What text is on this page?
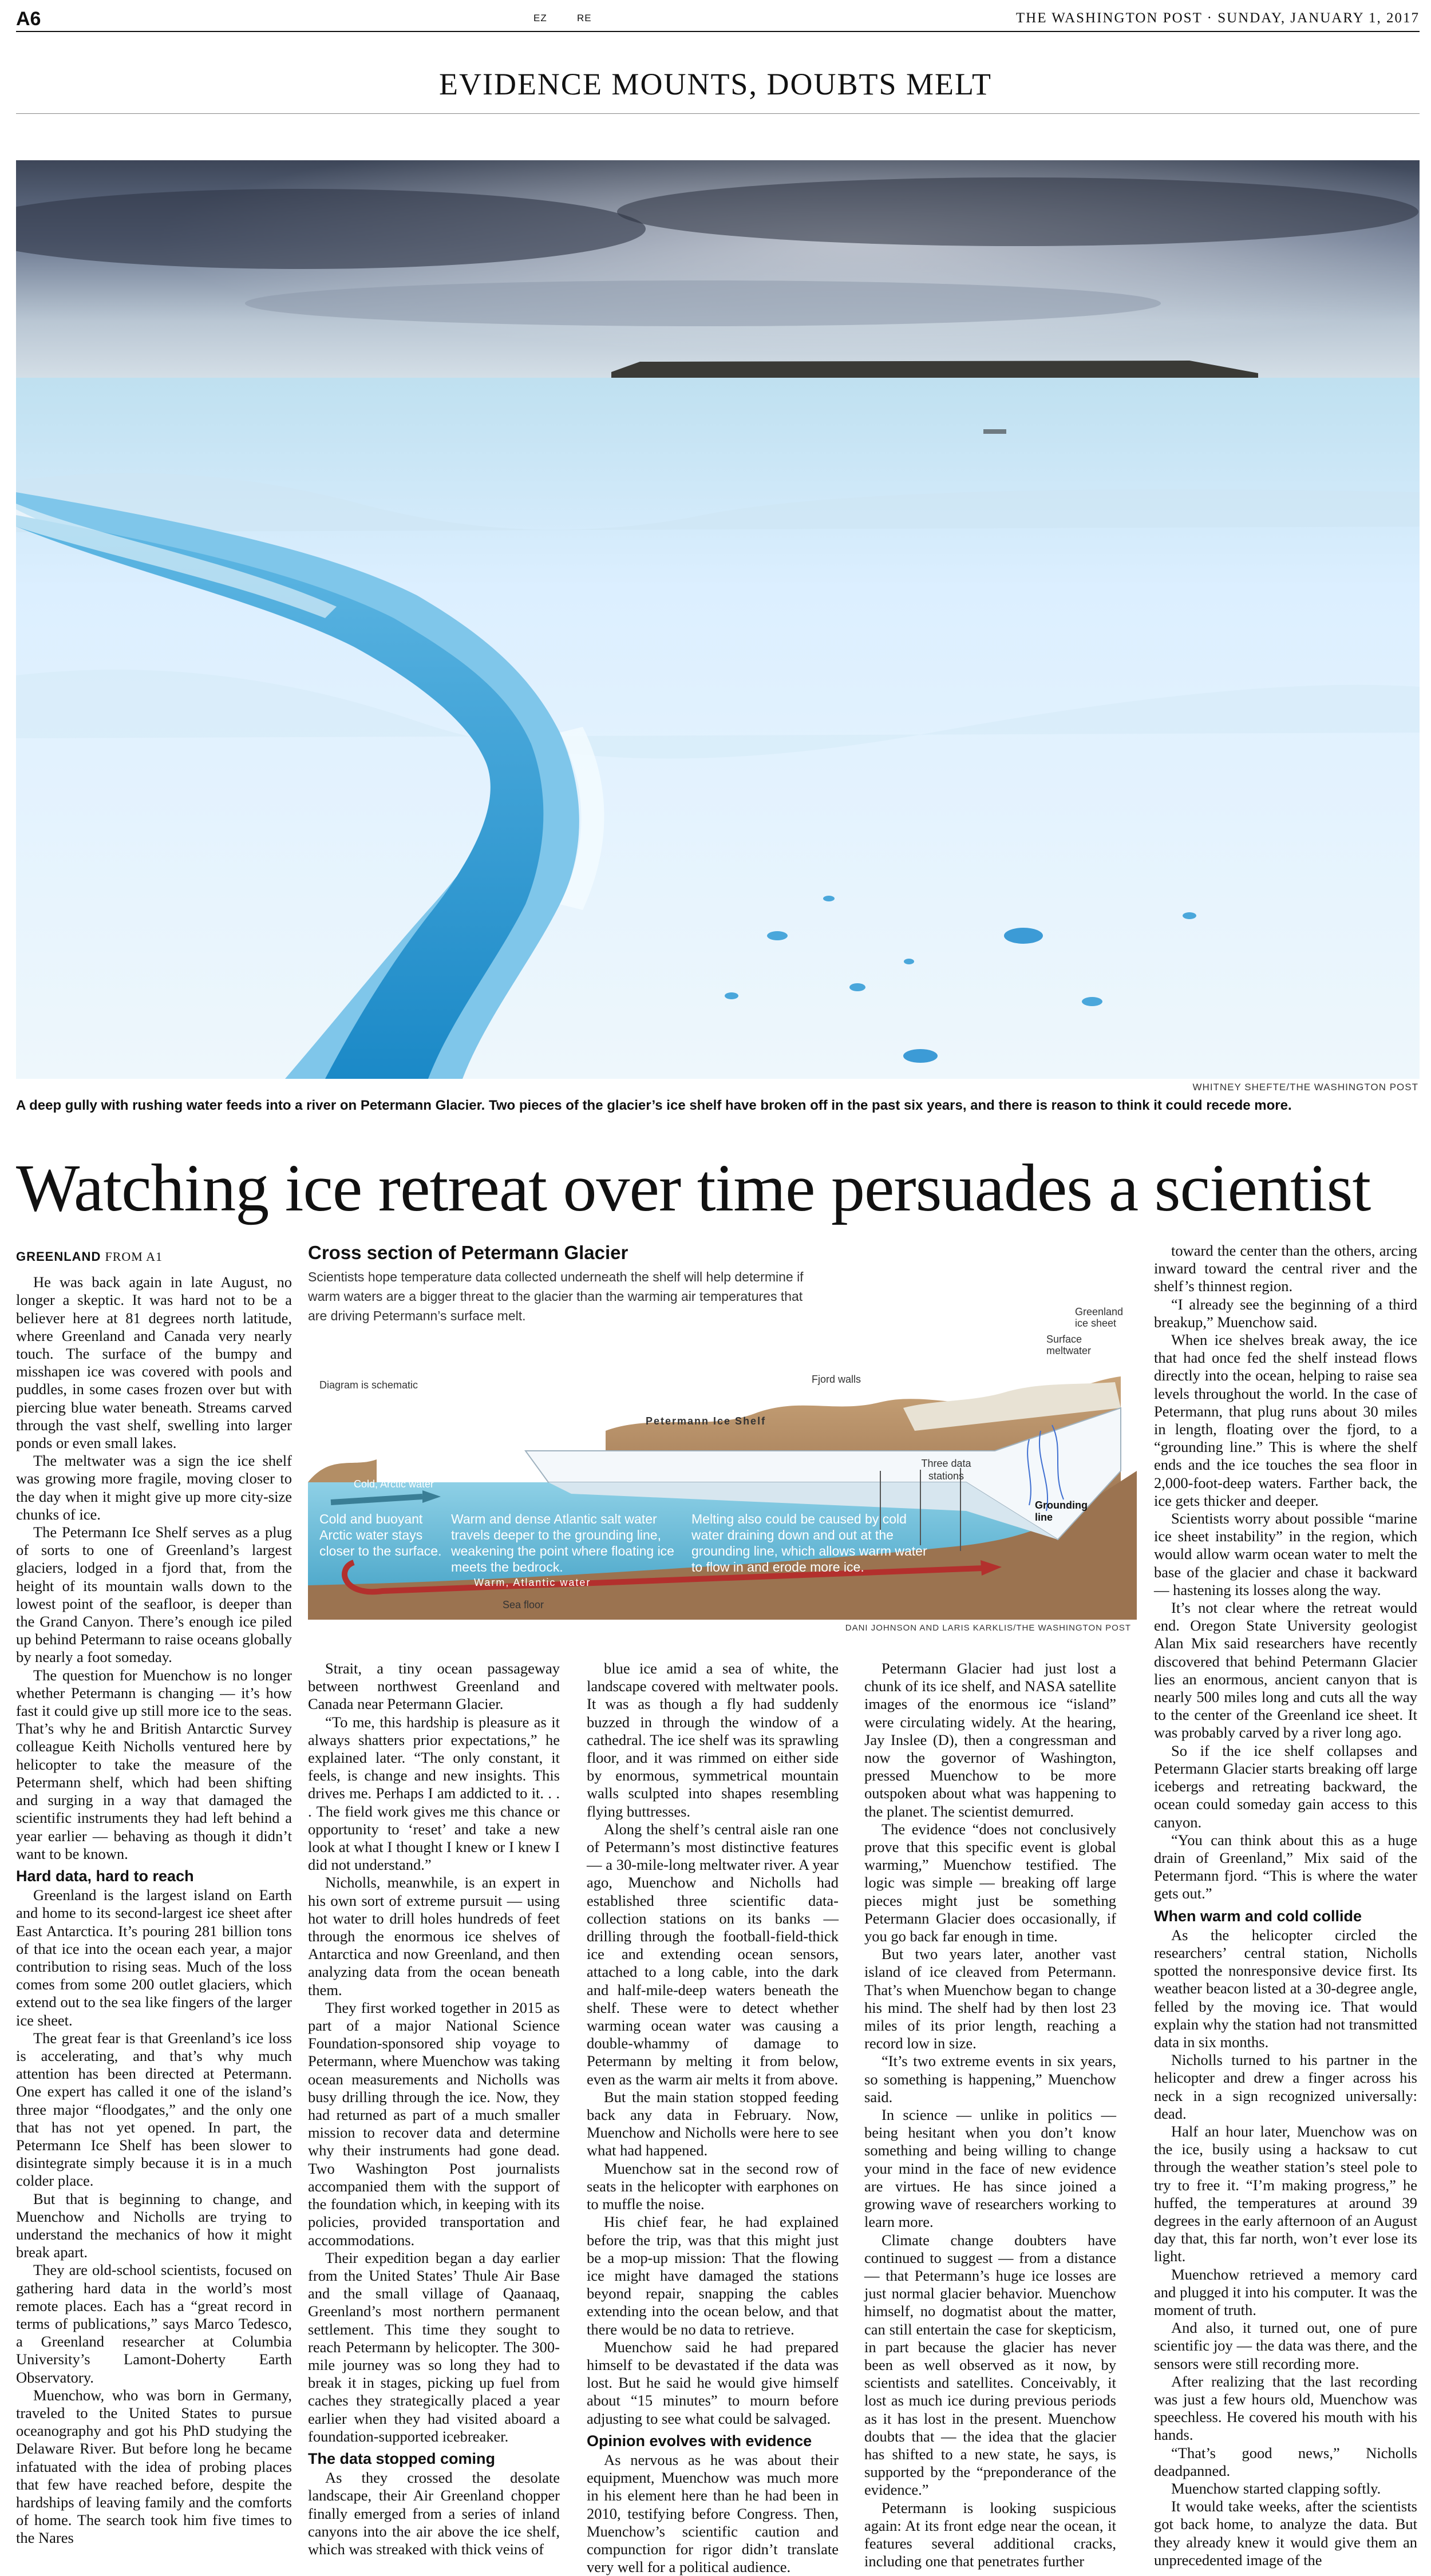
A6	EZ	RE	THE WASHINGTON POST · SUNDAY, JANUARY 1, 2017
EVIDENCE MOUNTS, DOUBTS MELT
WHITNEY SHEFTE/THE WASHINGTON POST
A deep gully with rushing water feeds into a river on Petermann Glacier. Two pieces of the glacier’s ice shelf have broken off in the past six years, and there is reason to think it could recede more.
Watching ice retreat over time persuades a scientist
GREENLAND FROM A1

He was back again in late August, no longer a skeptic. It was hard not to be a believer here at 81 degrees north latitude, where Greenland and Canada very nearly touch. The surface of the bumpy and misshapen ice was covered with pools and puddles, in some cases frozen over but with piercing blue water beneath. Streams carved through the vast shelf, swelling into larger ponds or even small lakes.

The meltwater was a sign the ice shelf was growing more fragile, moving closer to the day when it might give up more city-size chunks of ice.

The Petermann Ice Shelf serves as a plug of sorts to one of Greenland’s largest glaciers, lodged in a fjord that, from the height of its mountain walls down to the lowest point of the seafloor, is deeper than the Grand Canyon. There’s enough ice piled up behind Petermann to raise oceans globally by nearly a foot someday.

The question for Muenchow is no longer whether Petermann is changing — it’s how fast it could give up still more ice to the seas. That’s why he and British Antarctic Survey colleague Keith Nicholls ventured here by helicopter to take the measure of the Petermann shelf, which had been shifting and surging in a way that damaged the scientific instruments they had left behind a year earlier — behaving as though it didn’t want to be known.

Hard data, hard to reach

Greenland is the largest island on Earth and home to its second-largest ice sheet after East Antarctica. It’s pouring 281 billion tons of that ice into the ocean each year, a major contribution to rising seas. Much of the loss comes from some 200 outlet glaciers, which extend out to the sea like fingers of the larger ice sheet.

The great fear is that Greenland’s ice loss is accelerating, and that’s why much attention has been directed at Petermann. One expert has called it one of the island’s three major “floodgates,” and the only one that has not yet opened. In part, the Petermann Ice Shelf has been slower to disintegrate simply because it is in a much colder place.

But that is beginning to change, and Muenchow and Nicholls are trying to understand the mechanics of how it might break apart.

They are old-school scientists, focused on gathering hard data in the world’s most remote places. Each has a “great record in terms of publications,” says Marco Tedesco, a Greenland researcher at Columbia University’s Lamont-Doherty Earth Observatory.

Muenchow, who was born in Germany, traveled to the United States to pursue oceanography and got his PhD studying the Delaware River. But before long he became infatuated with the idea of probing places that few have reached before, despite the hardships of leaving family and the comforts of home. The search took him five times to the Nares

Strait, a tiny ocean passageway between northwest Greenland and Canada near Petermann Glacier.

“To me, this hardship is pleasure as it always shatters prior expectations,” he explained later. “The only constant, it feels, is change and new insights. This drives me. Perhaps I am addicted to it. . . . The field work gives me this chance or opportunity to ‘reset’ and take a new look at what I thought I knew or I knew I did not understand.”

Nicholls, meanwhile, is an expert in his own sort of extreme pursuit — using hot water to drill holes hundreds of feet through the enormous ice shelves of Antarctica and now Greenland, and then analyzing data from the ocean beneath them.

They first worked together in 2015 as part of a major National Science Foundation-sponsored ship voyage to Petermann, where Muenchow was taking ocean measurements and Nicholls was busy drilling through the ice. Now, they had returned as part of a much smaller mission to recover data and determine why their instruments had gone dead. Two Washington Post journalists accompanied them with the support of the foundation which, in keeping with its policies, provided transportation and accommodations.

Their expedition began a day earlier from the United States’ Thule Air Base and the small village of Qaanaaq, Greenland’s most northern permanent settlement. This time they sought to reach Petermann by helicopter. The 300-mile journey was so long they had to break it in stages, picking up fuel from caches they strategically placed a year earlier when they had visited aboard a foundation-supported icebreaker.

The data stopped coming

As they crossed the desolate landscape, their Air Greenland chopper finally emerged from a series of inland canyons into the air above the ice shelf, which was streaked with thick veins of

blue ice amid a sea of white, the landscape covered with meltwater pools. It was as though a fly had suddenly buzzed in through the window of a cathedral. The ice shelf was its sprawling floor, and it was rimmed on either side by enormous, symmetrical mountain walls sculpted into shapes resembling flying buttresses.

Along the shelf’s central aisle ran one of Petermann’s most distinctive features — a 30-mile-long meltwater river. A year ago, Muenchow and Nicholls had established three scientific data-collection stations on its banks — drilling through the football-field-thick ice and extending ocean sensors, attached to a long cable, into the dark and half-mile-deep waters beneath the shelf. These were to detect whether warming ocean water was causing a double-whammy of damage to Petermann by melting it from below, even as the warm air melts it from above.

But the main station stopped feeding back any data in February. Now, Muenchow and Nicholls were here to see what had happened.

Muenchow sat in the second row of seats in the helicopter with earphones on to muffle the noise.

His chief fear, he had explained before the trip, was that this might just be a mop-up mission: That the flowing ice might have damaged the stations beyond repair, snapping the cables extending into the ocean below, and that there would be no data to retrieve.

Muenchow said he had prepared himself to be devastated if the data was lost. But he said he would give himself about “15 minutes” to mourn before adjusting to see what could be salvaged.

Opinion evolves with evidence

As nervous as he was about their equipment, Muenchow was much more in his element here than he had been in 2010, testifying before Congress. Then, Muenchow’s scientific caution and compunction for rigor didn’t translate very well for a political audience.

Petermann Glacier had just lost a chunk of its ice shelf, and NASA satellite images of the enormous ice “island” were circulating widely. At the hearing, Jay Inslee (D), then a congressman and now the governor of Washington, pressed Muenchow to be more outspoken about what was happening to the planet. The scientist demurred.

The evidence “does not conclusively prove that this specific event is global warming,” Muenchow testified. The logic was simple — breaking off large pieces might just be something Petermann Glacier does occasionally, if you go back far enough in time.

But two years later, another vast island of ice cleaved from Petermann. That’s when Muenchow began to change his mind. The shelf had by then lost 23 miles of its prior length, reaching a record low in size.

“It’s two extreme events in six years, so something is happening,” Muenchow said.

In science — unlike in politics — being hesitant when you don’t know something and being willing to change your mind in the face of new evidence are virtues. He has since joined a growing wave of researchers working to learn more.

Climate change doubters have continued to suggest — from a distance — that Petermann’s huge ice losses are just normal glacier behavior. Muenchow himself, no dogmatist about the matter, can still entertain the case for skepticism, in part because the glacier has never been as well observed as it now, by scientists and satellites. Conceivably, it lost as much ice during previous periods as it has lost in the present. Muenchow doubts that — the idea that the glacier has shifted to a new state, he says, is supported by the “preponderance of the evidence.”

Petermann is looking suspicious again: At its front edge near the ocean, it features several additional cracks, including one that penetrates further

toward the center than the others, arcing inward toward the central river and the shelf’s thinnest region.

“I already see the beginning of a third breakup,” Muenchow said.

When ice shelves break away, the ice that had once fed the shelf instead flows directly into the ocean, helping to raise sea levels throughout the world. In the case of Petermann, that plug runs about 30 miles in length, floating over the fjord, to a “grounding line.” This is where the shelf ends and the ice touches the sea floor in 2,000-foot-deep waters. Farther back, the ice gets thicker and deeper.

Scientists worry about possible “marine ice sheet instability” in the region, which would allow warm ocean water to melt the base of the glacier and chase it backward — hastening its losses along the way.

It’s not clear where the retreat would end. Oregon State University geologist Alan Mix said researchers have recently discovered that behind Petermann Glacier lies an enormous, ancient canyon that is nearly 500 miles long and cuts all the way to the center of the Greenland ice sheet. It was probably carved by a river long ago.

So if the ice shelf collapses and Petermann Glacier starts breaking off large icebergs and retreating backward, the ocean could someday gain access to this canyon.

“You can think about this as a huge drain of Greenland,” Mix said of the Petermann fjord. “This is where the water gets out.”

When warm and cold collide

As the helicopter circled the researchers’ central station, Nicholls spotted the nonresponsive device first. Its weather beacon listed at a 30-degree angle, felled by the moving ice. That would explain why the station had not transmitted data in six months.

Nicholls turned to his partner in the helicopter and drew a finger across his neck in a sign recognized universally: dead.

Half an hour later, Muenchow was on the ice, busily using a hacksaw to cut through the weather station’s steel pole to try to free it. “I’m making progress,” he huffed, the temperatures at around 39 degrees in the early afternoon of an August day that, this far north, won’t ever lose its light.

Muenchow retrieved a memory card and plugged it into his computer. It was the moment of truth.

And also, it turned out, one of pure scientific joy — the data was there, and the sensors were still recording more.

After realizing that the last recording was just a few hours old, Muenchow was speechless. He covered his mouth with his hands.

“That’s good news,” Nicholls deadpanned.

Muenchow started clapping softly.

It would take weeks, after the scientists got back home, to analyze the data. But they already knew it would give them an unprecedented image of the

Cross section of Petermann Glacier
Scientists hope temperature data collected underneath the shelf will help determine if warm waters are a bigger threat to the glacier than the warming air temperatures that are driving Petermann’s surface melt.
Fjord walls
Greenland ice sheet
Surface meltwater
Diagram is schematic
Petermann Ice Shelf
Three data stations
Grounding line
Cold, Arctic water
Warm, Atlantic water
Sea floor
Cold and buoyant Arctic water stays closer to the surface.
Warm and dense Atlantic salt water travels deeper to the grounding line, weakening the point where floating ice meets the bedrock.
Melting also could be caused by cold water draining down and out at the grounding line, which allows warm water to flow in and erode more ice.
DANI JOHNSON AND LARIS KARKLIS/THE WASHINGTON POST
